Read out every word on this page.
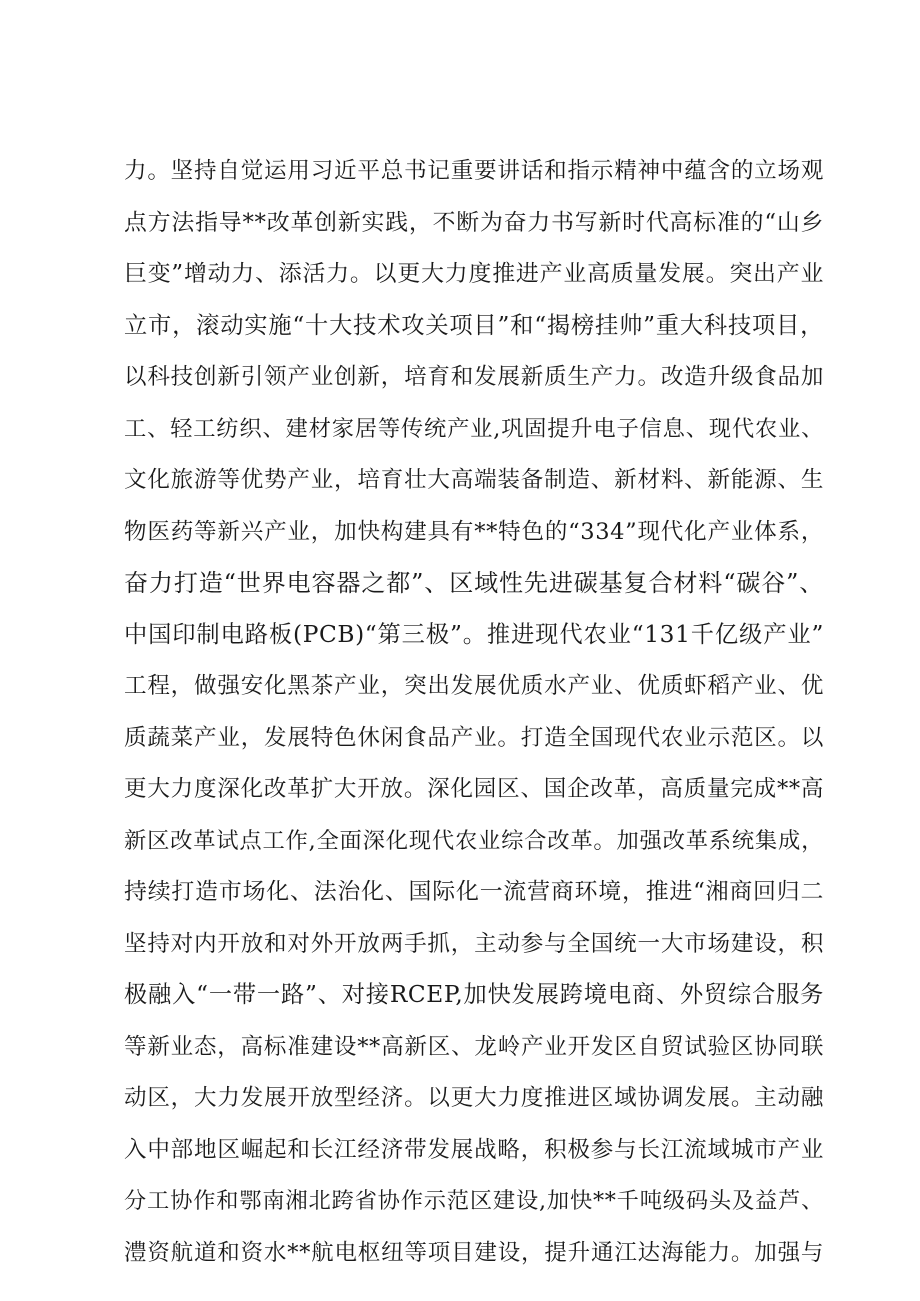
力。坚持自觉运用习近平总书记重要讲话和指示精神中蕴含的立场观
点方法指导**改革创新实践，不断为奋力书写新时代高标准的“山乡
巨变”增动力、添活力。以更大力度推进产业高质量发展。突出产业
立市，滚动实施“十大技术攻关项目”和“揭榜挂帅”重大科技项目，
以科技创新引领产业创新，培育和发展新质生产力。改造升级食品加
工、轻工纺织、建材家居等传统产业,巩固提升电子信息、现代农业、
文化旅游等优势产业，培育壮大高端装备制造、新材料、新能源、生
物医药等新兴产业，加快构建具有**特色的“334”现代化产业体系，
奋力打造“世界电容器之都”、区域性先进碳基复合材料“碳谷”、
中国印制电路板(PCB)“第三极”。推进现代农业“131千亿级产业”
工程，做强安化黑茶产业，突出发展优质水产业、优质虾稻产业、优
质蔬菜产业，发展特色休闲食品产业。打造全国现代农业示范区。以
更大力度深化改革扩大开放。深化园区、国企改革，高质量完成**高
新区改革试点工作,全面深化现代农业综合改革。加强改革系统集成，
持续打造市场化、法治化、国际化一流营商环境，推进“湘商回归二
坚持对内开放和对外开放两手抓，主动参与全国统一大市场建设，积
极融入“一带一路”、对接RCEP,加快发展跨境电商、外贸综合服务
等新业态，高标准建设**高新区、龙岭产业开发区自贸试验区协同联
动区，大力发展开放型经济。以更大力度推进区域协调发展。主动融
入中部地区崛起和长江经济带发展战略，积极参与长江流域城市产业
分工协作和鄂南湘北跨省协作示范区建设,加快**千吨级码头及益芦、
澧资航道和资水**航电枢纽等项目建设，提升通江达海能力。加强与
